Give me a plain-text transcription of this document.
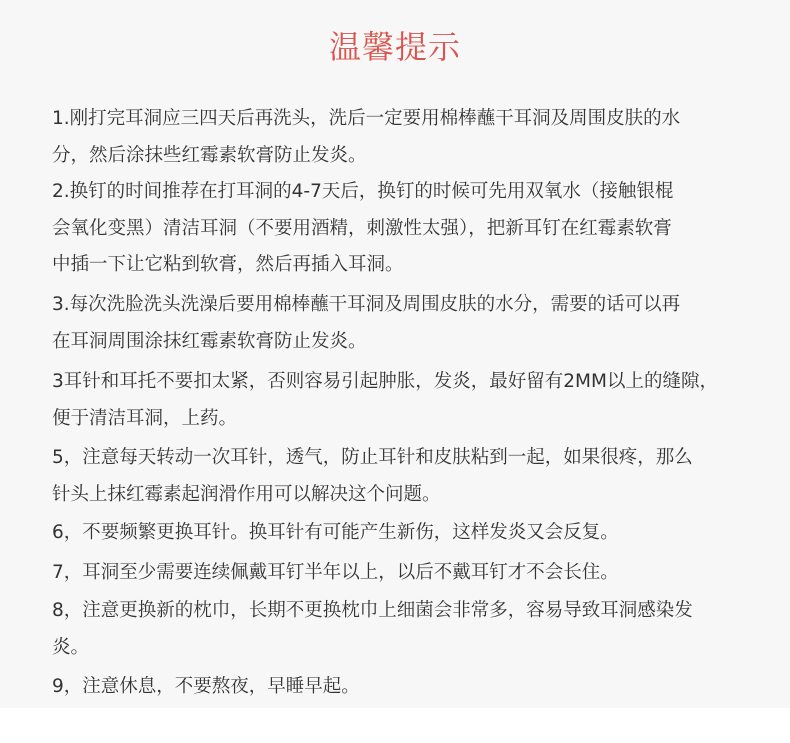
温馨提示
1.刚打完耳洞应三四天后再洗头，洗后一定要用棉棒蘸干耳洞及周围皮肤的水
分，然后涂抹些红霉素软膏防止发炎。
2.换钉的时间推荐在打耳洞的4-7天后，换钉的时候可先用双氧水（接触银棍
会氧化变黑）清洁耳洞（不要用酒精，刺激性太强），把新耳钉在红霉素软膏
中插一下让它粘到软膏，然后再插入耳洞。
3.每次洗脸洗头洗澡后要用棉棒蘸干耳洞及周围皮肤的水分，需要的话可以再
在耳洞周围涂抹红霉素软膏防止发炎。
3耳针和耳托不要扣太紧，否则容易引起肿胀，发炎，最好留有2MM以上的缝隙，
便于清洁耳洞，上药。
5，注意每天转动一次耳针，透气，防止耳针和皮肤粘到一起，如果很疼，那么
针头上抹红霉素起润滑作用可以解决这个问题。
6，不要频繁更换耳针。换耳针有可能产生新伤，这样发炎又会反复。
7，耳洞至少需要连续佩戴耳钉半年以上，以后不戴耳钉才不会长住。
8，注意更换新的枕巾，长期不更换枕巾上细菌会非常多，容易导致耳洞感染发
炎。
9，注意休息，不要熬夜，早睡早起。
